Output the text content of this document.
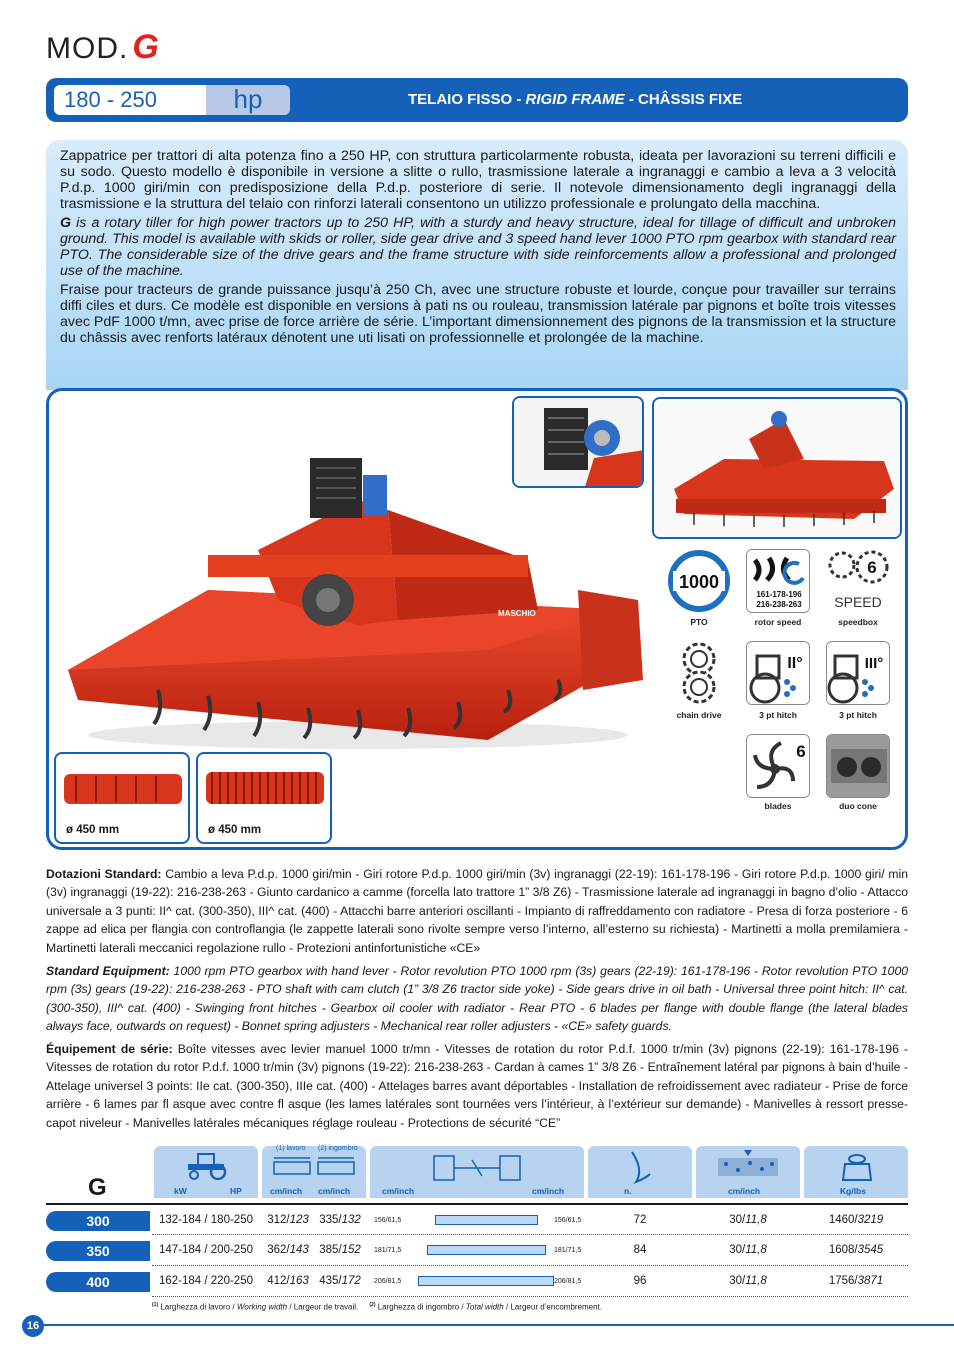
MOD. G
180 - 250	hp	TELAIO FISSO - RIGID FRAME - CHÂSSIS FIXE

Zappatrice per trattori di alta potenza fino a 250 HP, con struttura particolarmente robusta, ideata per lavorazioni su terreni difficili e su sodo. Questo modello è disponibile in versione a slitte o rullo, trasmissione laterale a ingranaggi e cambio a leva a 3 velocità P.d.p. 1000 giri/min con predisposizione della P.d.p. posteriore di serie. Il notevole dimensionamento degli ingranaggi della trasmissione e la struttura del telaio con rinforzi laterali consentono un utilizzo professionale e prolungato della macchina.

G is a rotary tiller for high power tractors up to 250 HP, with a sturdy and heavy structure, ideal for tillage of difficult and unbroken ground. This model is available with skids or roller, side gear drive and 3 speed hand lever 1000 PTO rpm gearbox with standard rear PTO. The considerable size of the drive gears and the frame structure with side reinforcements allow a professional and prolonged use of the machine.

Fraise pour tracteurs de grande puissance jusqu’à 250 Ch, avec une structure robuste et lourde, conçue pour travailler sur terrains diffi ciles et durs. Ce modèle est disponible en versions à pati ns ou rouleau, transmission latérale par pignons et boîte trois vitesses avec PdF 1000 t/mn, avec prise de force arrière de série. L’important dimensionnement des pignons de la transmission et la structure du châssis avec renforts latéraux dénotent une uti lisati on professionnelle et prolongée de la machine.

MASCHIO
ø 450 mm	ø 450 mm
1000
PTO
161-178-196
216-238-263
rotor speed
6
SPEED
speedbox
chain drive
II°
3 pt hitch
III°
3 pt hitch
6
blades	duo cone
Dotazioni Standard: Cambio a leva P.d.p. 1000 giri/min - Giri rotore P.d.p. 1000 giri/min (3v) ingranaggi (22-19): 161-178-196 - Giri rotore P.d.p. 1000 giri/ min (3v) ingranaggi (19-22): 216-238-263 - Giunto cardanico a camme (forcella lato trattore 1” 3/8 Z6) - Trasmissione laterale ad ingranaggi in bagno d’olio - Attacco universale a 3 punti: II^ cat. (300-350), III^ cat. (400) - Attacchi barre anteriori oscillanti - Impianto di raffreddamento con radiatore - Presa di forza posteriore - 6 zappe ad elica per flangia con controflangia (le zappette laterali sono rivolte sempre verso l’interno, all’esterno su richiesta) - Martinetti a molla premilamiera - Martinetti laterali meccanici regolazione rullo - Protezioni antinfortunistiche «CE»
Standard Equipment: 1000 rpm PTO gearbox with hand lever - Rotor revolution PTO 1000 rpm (3s) gears (22-19): 161-178-196 - Rotor revolution PTO 1000 rpm (3s) gears (19-22): 216-238-263 - PTO shaft with cam clutch (1” 3/8 Z6 tractor side yoke) - Side gears drive in oil bath - Universal three point hitch: II^ cat. (300-350), III^ cat. (400) - Swinging front hitches - Gearbox oil cooler with radiator - Rear PTO - 6 blades per flange with double flange (the lateral blades always face, outwards on request) - Bonnet spring adjusters - Mechanical rear roller adjusters - «CE» safety guards.
Équipement de série: Boîte vitesses avec levier manuel 1000 tr/mn - Vitesses de rotation du rotor P.d.f. 1000 tr/min (3v) pignons (22-19): 161-178-196 - Vitesses de rotation du rotor P.d.f. 1000 tr/min (3v) pignons (19-22): 216-238-263 - Cardan à cames 1” 3/8 Z6 - Entraînement latéral par pignons à bain d’huile - Attelage universel 3 points: IIe cat. (300-350), IIIe cat. (400) - Attelages barres avant déportables - Installation de refroidissement avec radiateur - Prise de force arrière - 6 lames par fl asque avec contre fl asque (les lames latérales sont tournées vers l’intérieur, à l’extérieur sur demande) - Manivelles à ressort presse-capot niveleur - Manivelles latérales mécaniques réglage rouleau - Protections de sécurité “CE”
kW	HP
(1) lavoro (2) ingombro
cm/inch cm/inch	cm/inch	cm/inch	n.	cm/inch	Kg/lbs
G
300	132-184 / 180-250	312/123 335/132	156/61,5	156/61,5	72	30/11,8	1460/3219
350	147-184 / 200-250	362/143 385/152	181/71,5	181/71,5	84	30/11,8	1608/3545
400	162-184 / 220-250	412/163 435/172	206/81,5	206/81,5	96	30/11,8	1756/3871
$^{(1)}$ Larghezza di lavoro / Working width / Largeur de travail. $^{(2)}$ Larghezza di ingombro / Total width / Largeur d’encombrement.
16
